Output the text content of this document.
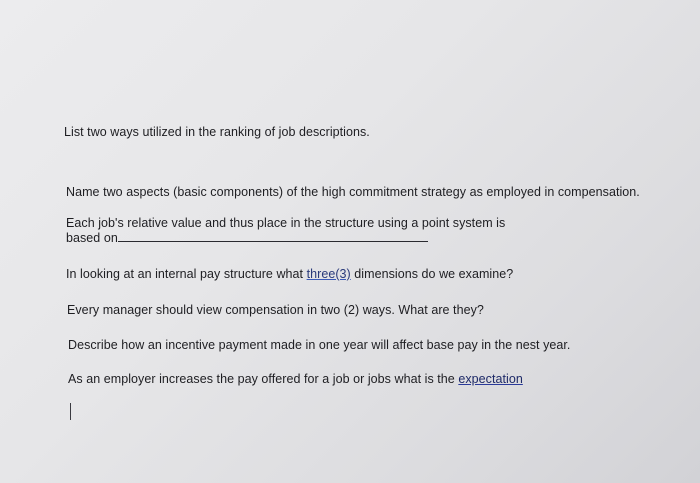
List two ways utilized in the ranking of job descriptions.
Name two aspects (basic components) of the high commitment strategy as employed in compensation.
Each job's relative value and thus place in the structure using a point system is
based on
In looking at an internal pay structure what three(3) dimensions do we examine?
Every manager should view compensation in two (2) ways. What are they?
Describe how an incentive payment made in one year will affect base pay in the nest year.
As an employer increases the pay offered for a job or jobs what is the expectation
